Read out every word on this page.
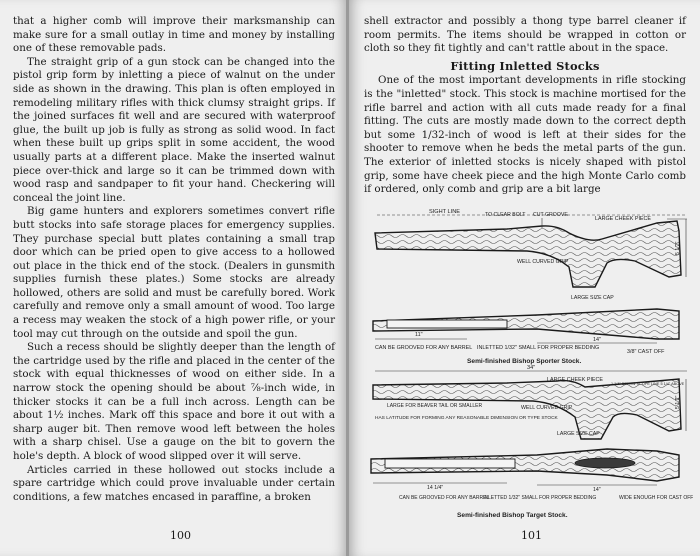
that a higher comb will improve their marksmanship can make sure for a small outlay in time and money by installing one of these removable pads.

The straight grip of a gun stock can be changed into the pistol grip form by inletting a piece of walnut on the under side as shown in the drawing. This plan is often employed in remodeling military rifles with thick clumsy straight grips. If the joined surfaces fit well and are secured with waterproof glue, the built up job is fully as strong as solid wood. In fact when these built up grips split in some accident, the wood usually parts at a different place. Make the inserted walnut piece over-thick and large so it can be trimmed down with wood rasp and sandpaper to fit your hand. Checkering will conceal the joint line.

Big game hunters and explorers sometimes convert rifle butt stocks into safe storage places for emergency supplies. They purchase special butt plates containing a small trap door which can be pried open to give access to a hollowed out place in the thick end of the stock. (Dealers in gunsmith supplies furnish these plates.) Some stocks are already hollowed, others are solid and must be carefully bored. Work carefully and remove only a small amount of wood. Too large a recess may weaken the stock of a high power rifle, or your tool may cut through on the outside and spoil the gun.

Such a recess should be slightly deeper than the length of the cartridge used by the rifle and placed in the center of the stock with equal thicknesses of wood on either side. In a narrow stock the opening should be about ⅞-inch wide, in thicker stocks it can be a full inch across. Length can be about 1½ inches. Mark off this space and bore it out with a sharp auger bit. Then remove wood left between the holes with a sharp chisel. Use a gauge on the bit to govern the hole's depth. A block of wood slipped over it will serve.

Articles carried in these hollowed out stocks include a spare cartridge which could prove invaluable under certain conditions, a few matches encased in paraffine, a broken

100

shell extractor and possibly a thong type barrel cleaner if room permits. The items should be wrapped in cotton or cloth so they fit tightly and can't rattle about in the space.

Fitting Inletted Stocks

One of the most important developments in rifle stocking is the "inletted" stock. This stock is machine mortised for the rifle barrel and action with all cuts made ready for a final fitting. The cuts are mostly made down to the correct depth but some 1/32-inch of wood is left at their sides for the shooter to remove when he beds the metal parts of the gun. The exterior of inletted stocks is nicely shaped with pistol grip, some have cheek piece and the high Monte Carlo comb if ordered, only comb and grip are a bit large

SIGHT LINE	TO CLEAR BOLT CUT GROOVE
LARGE CHEEK PIECE
WELL CURVED GRIP
LARGE SIZE CAP
5 1/2"
11"
14"
CAN BE GROOVED FOR ANY BARREL INLETTED 1/32" SMALL FOR PROPER BEDDING
3/8" CAST OFF
Semi-finished Bishop Sporter Stock.
34"
LARGE CHEEK PIECE
1 1/4" BELOW SCOPE LINE 5 1/4" ABOVE
LARGE FOR BEAVER TAIL OR SMALLER
HAS LATITUDE FOR FORMING ANY REASONABLE DIMENSION OR TYPE STOCK
WELL CURVED GRIP
LARGE SIZE CAP
5 1/2"
14 1/4"	14"
CAN BE GROOVED FOR ANY BARREL
INLETTED 1/32" SMALL FOR PROPER BEDDING	WIDE ENOUGH FOR CAST OFF
Semi-finished Bishop Target Stock.
101
